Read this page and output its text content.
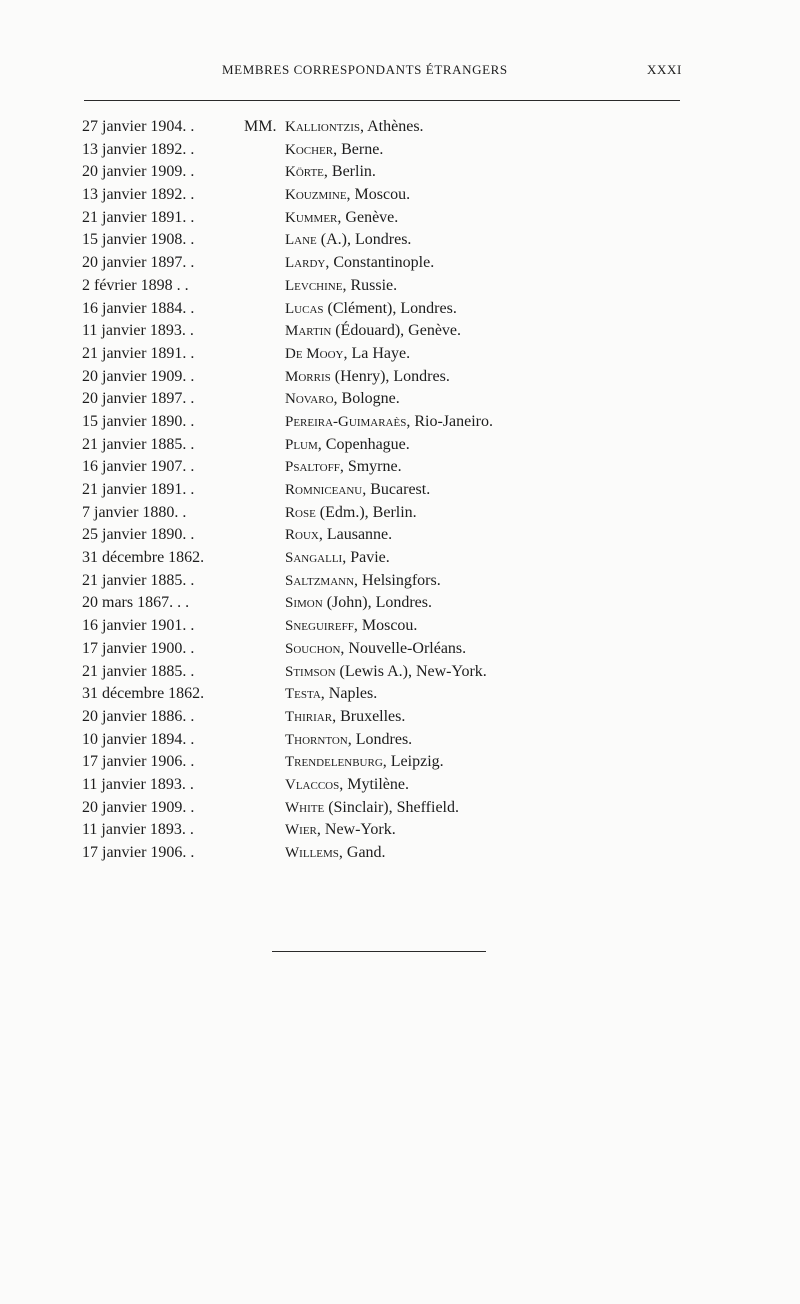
MEMBRES CORRESPONDANTS ÉTRANGERS	XXXI
27 janvier 1904. .	MM. Kalliontzis, Athènes.
13 janvier 1892. .	Kocher, Berne.
20 janvier 1909. .	Körte, Berlin.
13 janvier 1892. .	Kouzmine, Moscou.
21 janvier 1891. .	Kummer, Genève.
15 janvier 1908. .	Lane (A.), Londres.
20 janvier 1897. .	Lardy, Constantinople.
2 février 1898 . .	Levchine, Russie.
16 janvier 1884. .	Lucas (Clément), Londres.
11 janvier 1893. .	Martin (Édouard), Genève.
21 janvier 1891. .	De Mooy, La Haye.
20 janvier 1909. .	Morris (Henry), Londres.
20 janvier 1897. .	Novaro, Bologne.
15 janvier 1890. .	Pereira-Guimaraès, Rio-Janeiro.
21 janvier 1885. .	Plum, Copenhague.
16 janvier 1907. .	Psaltoff, Smyrne.
21 janvier 1891. .	Romniceanu, Bucarest.
7 janvier 1880. .	Rose (Edm.), Berlin.
25 janvier 1890. .	Roux, Lausanne.
31 décembre 1862.	Sangalli, Pavie.
21 janvier 1885. .	Saltzmann, Helsingfors.
20 mars 1867. . .	Simon (John), Londres.
16 janvier 1901. .	Sneguireff, Moscou.
17 janvier 1900. .	Souchon, Nouvelle-Orléans.
21 janvier 1885. .	Stimson (Lewis A.), New-York.
31 décembre 1862.	Testa, Naples.
20 janvier 1886. .	Thiriar, Bruxelles.
10 janvier 1894. .	Thornton, Londres.
17 janvier 1906. .	Trendelenburg, Leipzig.
11 janvier 1893. .	Vlaccos, Mytilène.
20 janvier 1909. .	White (Sinclair), Sheffield.
11 janvier 1893. .	Wier, New-York.
17 janvier 1906. .	Willems, Gand.
